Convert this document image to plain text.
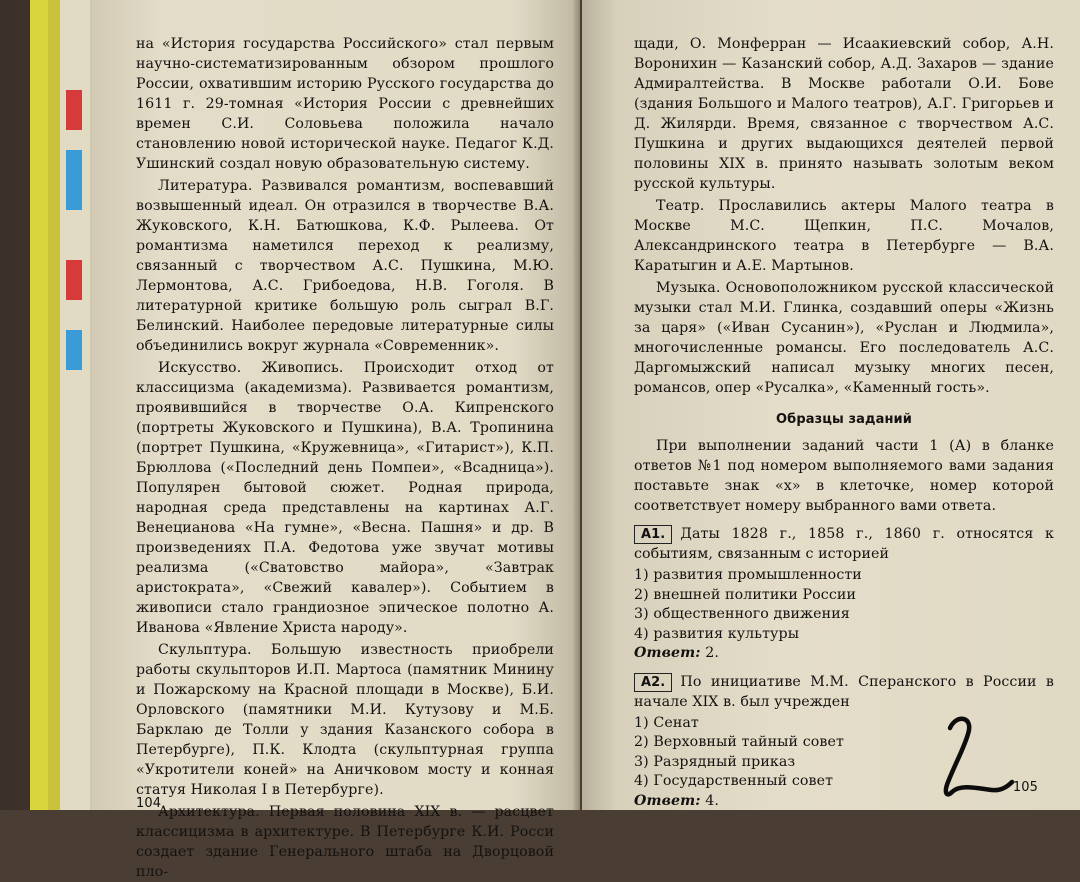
на «История государства Российского» стал первым научно-систематизированным обзором прошлого России, охватившим историю Русского государства до 1611 г. 29-томная «История России с древнейших времен С.И. Соловьева положила начало становлению новой исторической науке. Педагог К.Д. Ушинский создал новую образовательную систему.

Литература. Развивался романтизм, воспевавший возвышенный идеал. Он отразился в творчестве В.А. Жуковского, К.Н. Батюшкова, К.Ф. Рылеева. От романтизма наметился переход к реализму, связанный с творчеством А.С. Пушкина, М.Ю. Лермонтова, А.С. Грибоедова, Н.В. Гоголя. В литературной критике большую роль сыграл В.Г. Белинский. Наиболее передовые литературные силы объединились вокруг журнала «Современник».

Искусство. Живопись. Происходит отход от классицизма (академизма). Развивается романтизм, проявившийся в творчестве О.А. Кипренского (портреты Жуковского и Пушкина), В.А. Тропинина (портрет Пушкина, «Кружевница», «Гитарист»), К.П. Брюллова («Последний день Помпеи», «Всадница»). Популярен бытовой сюжет. Родная природа, народная среда представлены на картинах А.Г. Венецианова «На гумне», «Весна. Пашня» и др. В произведениях П.А. Федотова уже звучат мотивы реализма («Сватовство майора», «Завтрак аристократа», «Свежий кавалер»). Событием в живописи стало грандиозное эпическое полотно А. Иванова «Явление Христа народу».

Скульптура. Большую известность приобрели работы скульпторов И.П. Мартоса (памятник Минину и Пожарскому на Красной площади в Москве), Б.И. Орловского (памятники М.И. Кутузову и М.Б. Барклаю де Толли у здания Казанского собора в Петербурге), П.К. Клодта (скульптурная группа «Укротители коней» на Аничковом мосту и конная статуя Николая I в Петербурге).

Архитектура. Первая половина XIX в. — расцвет классицизма в архитектуре. В Петербурге К.И. Росси создает здание Генерального штаба на Дворцовой пло-

104

щади, О. Монферран — Исаакиевский собор, А.Н. Воронихин — Казанский собор, А.Д. Захаров — здание Адмиралтейства. В Москве работали О.И. Бове (здания Большого и Малого театров), А.Г. Григорьев и Д. Жилярди. Время, связанное с творчеством А.С. Пушкина и других выдающихся деятелей первой половины XIX в. принято называть золотым веком русской культуры.

Театр. Прославились актеры Малого театра в Москве М.С. Щепкин, П.С. Мочалов, Александринского театра в Петербурге — В.А. Каратыгин и А.Е. Мартынов.

Музыка. Основоположником русской классической музыки стал М.И. Глинка, создавший оперы «Жизнь за царя» («Иван Сусанин»), «Руслан и Людмила», многочисленные романсы. Его последователь А.С. Даргомыжский написал музыку многих песен, романсов, опер «Русалка», «Каменный гость».

Образцы заданий

При выполнении заданий части 1 (А) в бланке ответов №1 под номером выполняемого вами задания поставьте знак «х» в клеточке, номер которой соответствует номеру выбранного вами ответа.

А1. Даты 1828 г., 1858 г., 1860 г. относятся к событиям, связанным с историей

1) развития промышленности
2) внешней политики России
3) общественного движения
4) развития культуры
Ответ: 2.

А2. По инициативе М.М. Сперанского в России в начале XIX в. был учрежден

1) Сенат
2) Верховный тайный совет
3) Разрядный приказ
4) Государственный совет
Ответ: 4.
105
